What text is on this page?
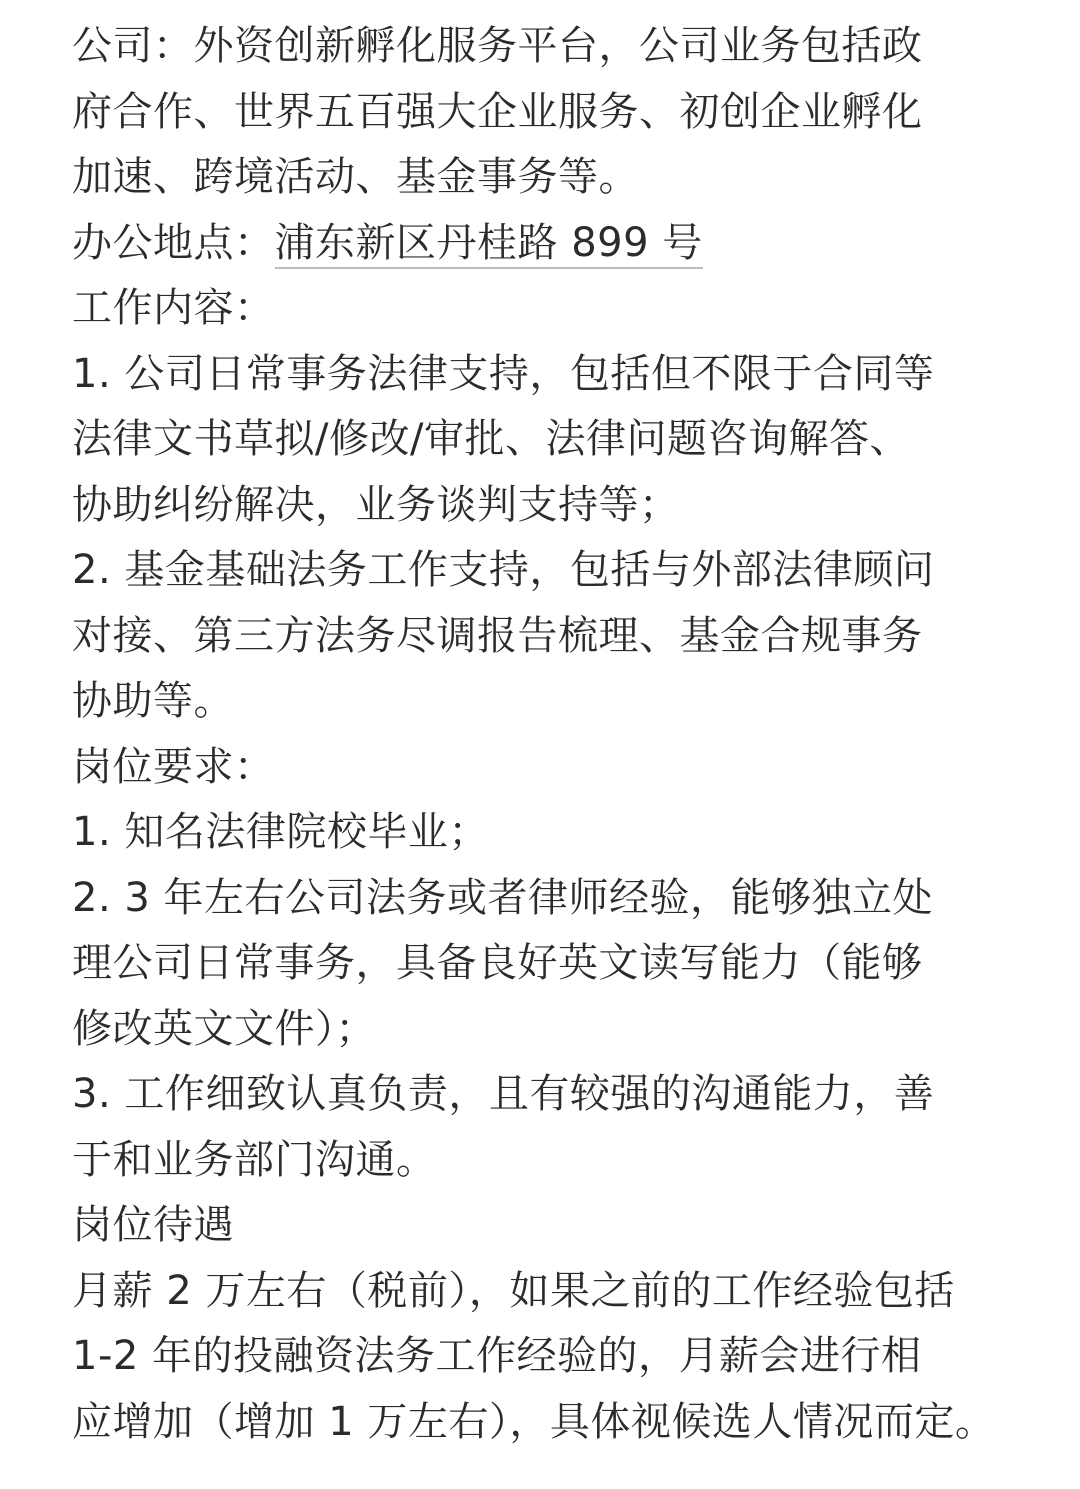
公司：外资创新孵化服务平台，公司业务包括政
府合作、世界五百强大企业服务、初创企业孵化
加速、跨境活动、基金事务等。
办公地点：浦东新区丹桂路 899 号
工作内容：
1. 公司日常事务法律支持，包括但不限于合同等
法律文书草拟/修改/审批、法律问题咨询解答、
协助纠纷解决，业务谈判支持等；
2. 基金基础法务工作支持，包括与外部法律顾问
对接、第三方法务尽调报告梳理、基金合规事务
协助等。
岗位要求：
1. 知名法律院校毕业；
2. 3 年左右公司法务或者律师经验，能够独立处
理公司日常事务，具备良好英文读写能力（能够
修改英文文件）；
3. 工作细致认真负责，且有较强的沟通能力，善
于和业务部门沟通。
岗位待遇
月薪 2 万左右（税前），如果之前的工作经验包括
1-2 年的投融资法务工作经验的，月薪会进行相
应增加（增加 1 万左右），具体视候选人情况而定。
